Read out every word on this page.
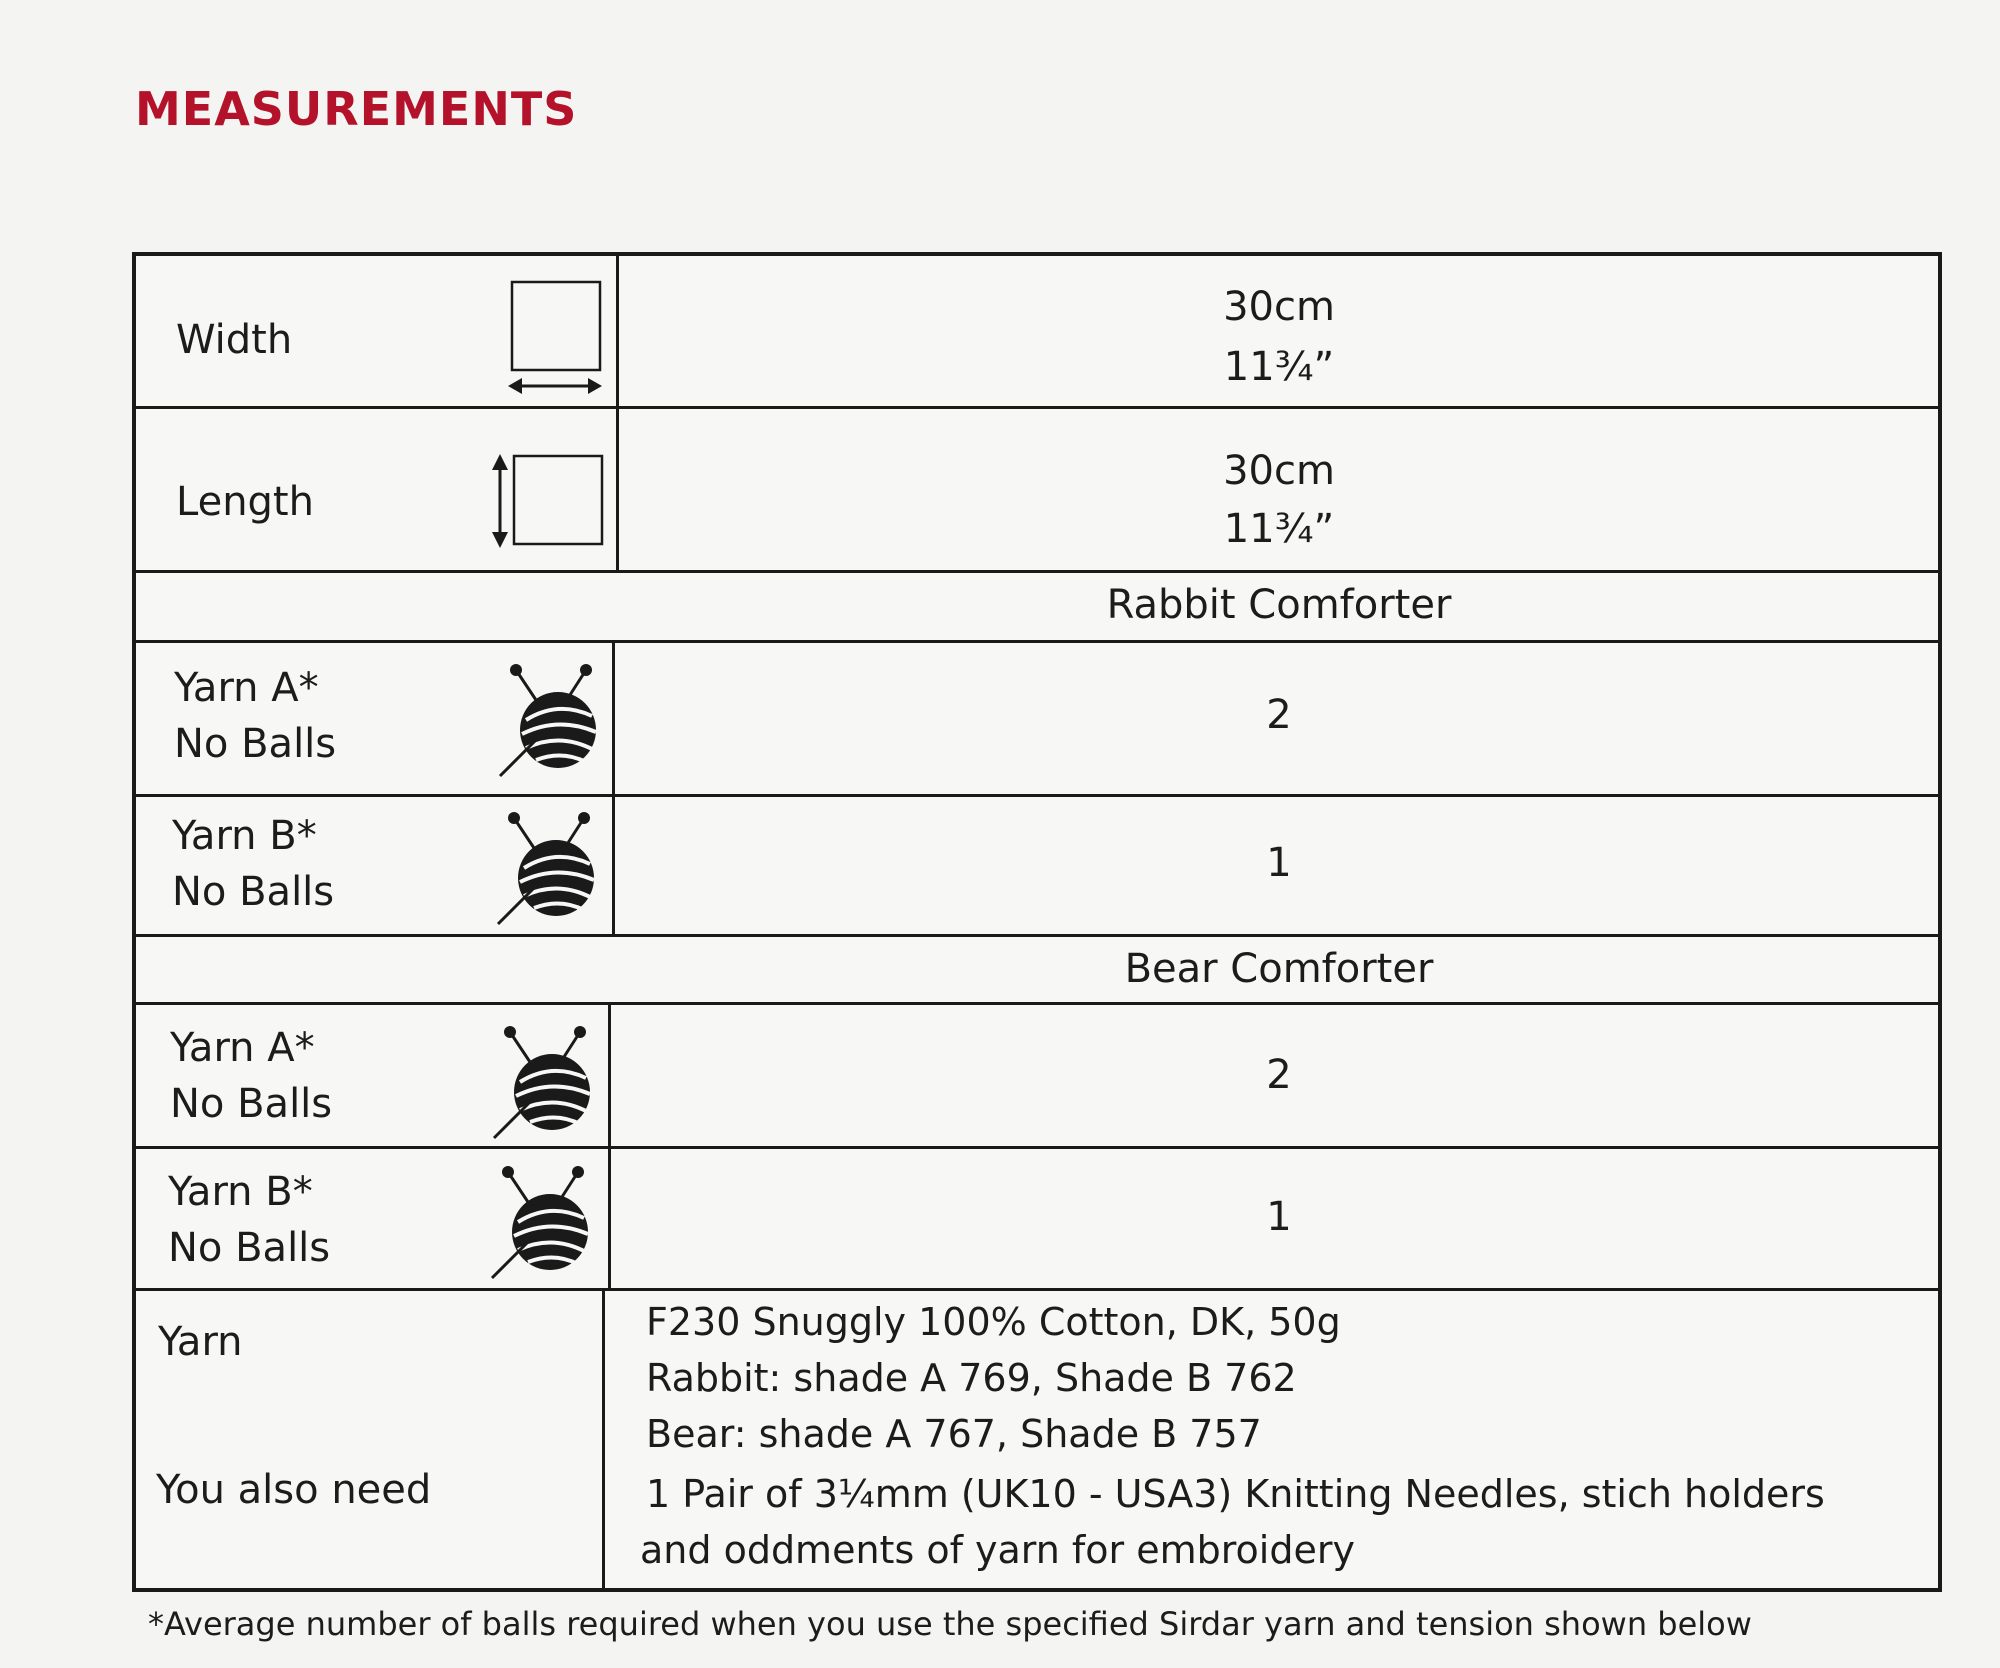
MEASUREMENTS
Width
30cm
11¾”
Length
30cm
11¾”
Rabbit Comforter
Yarn A*
No Balls
2
Yarn B*
No Balls
1
Bear Comforter
Yarn A*
No Balls
2
Yarn B*
No Balls
1
Yarn
You also need
F230 Snuggly 100% Cotton, DK, 50g
Rabbit: shade A 769, Shade B 762
Bear: shade A 767, Shade B 757
1 Pair of 3¼mm (UK10 - USA3) Knitting Needles, stich holders
and oddments of yarn for embroidery
*Average number of balls required when you use the specified Sirdar yarn and tension shown below
